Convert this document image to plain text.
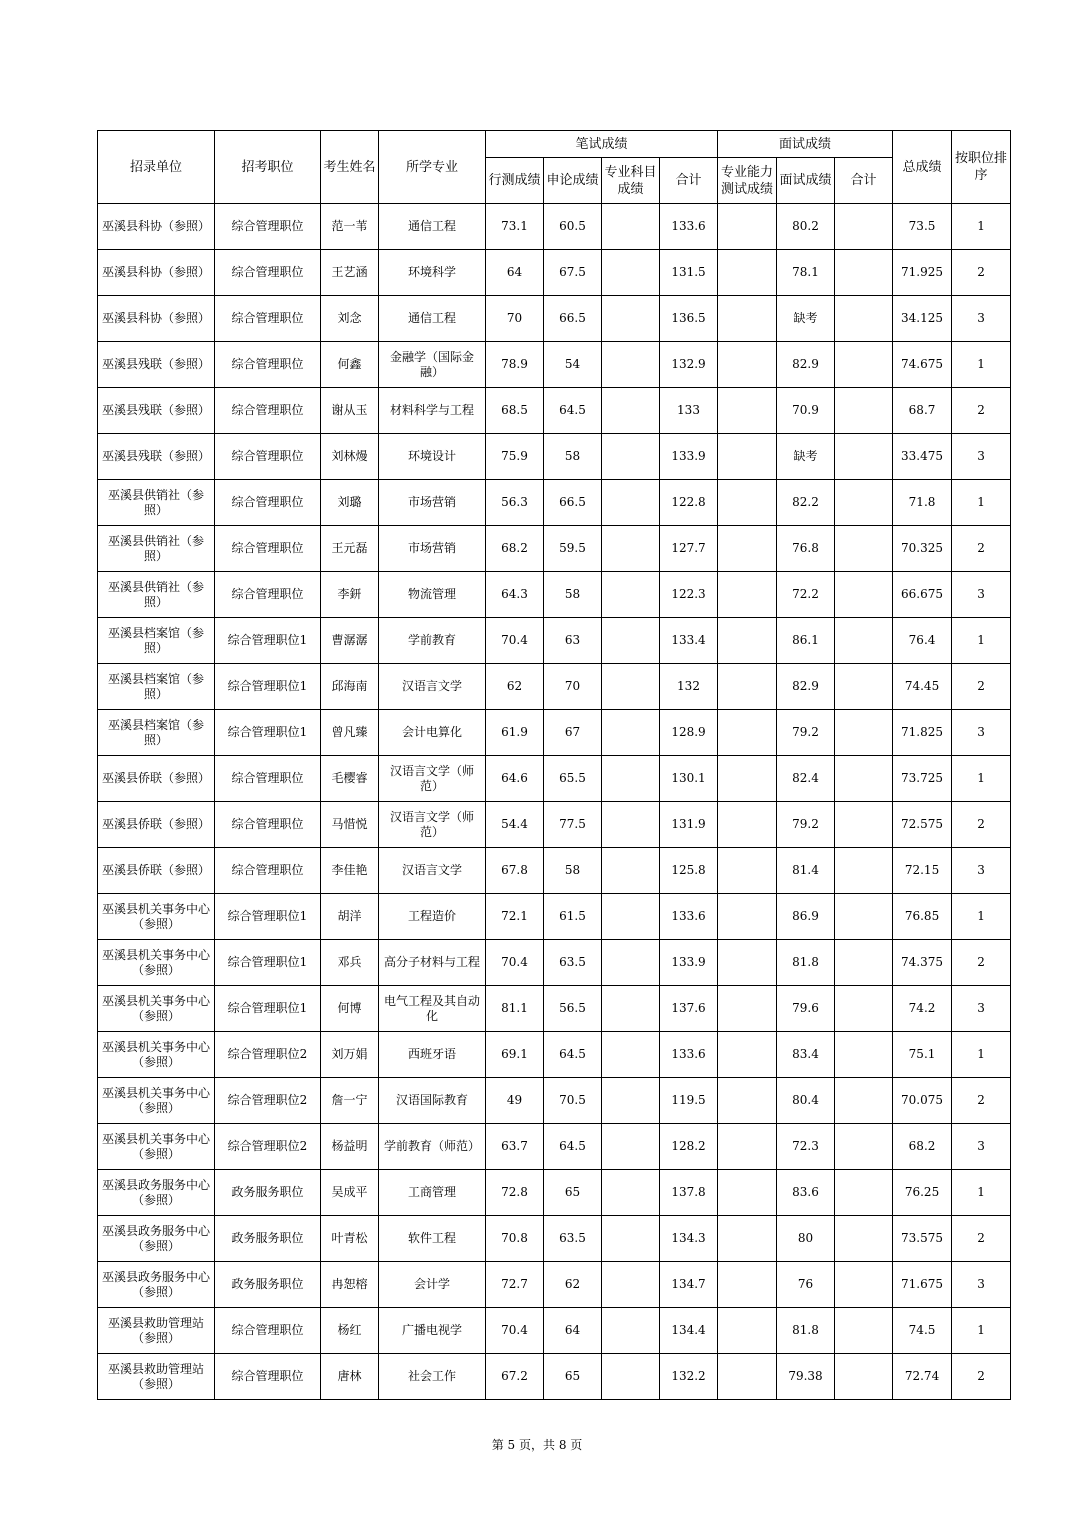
招录单位	招考职位	考生姓名	所学专业	笔试成绩				面试成绩			总成绩	按职位排序
				行测成绩	申论成绩	专业科目成绩	合计	专业能力测试成绩	面试成绩	合计		
巫溪县科协（参照）	综合管理职位	范一苇	通信工程	73.1	60.5		133.6		80.2		73.5	1
巫溪县科协（参照）	综合管理职位	王艺涵	环境科学	64	67.5		131.5		78.1		71.925	2
巫溪县科协（参照）	综合管理职位	刘念	通信工程	70	66.5		136.5		缺考		34.125	3
巫溪县残联（参照）	综合管理职位	何鑫	金融学（国际金融）	78.9	54		132.9		82.9		74.675	1
巫溪县残联（参照）	综合管理职位	谢从玉	材料科学与工程	68.5	64.5		133		70.9		68.7	2
巫溪县残联（参照）	综合管理职位	刘林熳	环境设计	75.9	58		133.9		缺考		33.475	3
巫溪县供销社（参照）	综合管理职位	刘璐	市场营销	56.3	66.5		122.8		82.2		71.8	1
巫溪县供销社（参照）	综合管理职位	王元磊	市场营销	68.2	59.5		127.7		76.8		70.325	2
巫溪县供销社（参照）	综合管理职位	李鈃	物流管理	64.3	58		122.3		72.2		66.675	3
巫溪县档案馆（参照）	综合管理职位1	曹潺潺	学前教育	70.4	63		133.4		86.1		76.4	1
巫溪县档案馆（参照）	综合管理职位1	邱海南	汉语言文学	62	70		132		82.9		74.45	2
巫溪县档案馆（参照）	综合管理职位1	曾凡臻	会计电算化	61.9	67		128.9		79.2		71.825	3
巫溪县侨联（参照）	综合管理职位	毛樱睿	汉语言文学（师范）	64.6	65.5		130.1		82.4		73.725	1
巫溪县侨联（参照）	综合管理职位	马惜悦	汉语言文学（师范）	54.4	77.5		131.9		79.2		72.575	2
巫溪县侨联（参照）	综合管理职位	李佳艳	汉语言文学	67.8	58		125.8		81.4		72.15	3
巫溪县机关事务中心（参照）	综合管理职位1	胡洋	工程造价	72.1	61.5		133.6		86.9		76.85	1
巫溪县机关事务中心（参照）	综合管理职位1	邓兵	高分子材料与工程	70.4	63.5		133.9		81.8		74.375	2
巫溪县机关事务中心（参照）	综合管理职位1	何博	电气工程及其自动化	81.1	56.5		137.6		79.6		74.2	3
巫溪县机关事务中心（参照）	综合管理职位2	刘万娟	西班牙语	69.1	64.5		133.6		83.4		75.1	1
巫溪县机关事务中心（参照）	综合管理职位2	詹一宁	汉语国际教育	49	70.5		119.5		80.4		70.075	2
巫溪县机关事务中心（参照）	综合管理职位2	杨益明	学前教育（师范）	63.7	64.5		128.2		72.3		68.2	3
巫溪县政务服务中心（参照）	政务服务职位	吴成平	工商管理	72.8	65		137.8		83.6		76.25	1
巫溪县政务服务中心（参照）	政务服务职位	叶青松	软件工程	70.8	63.5		134.3		80		73.575	2
巫溪县政务服务中心（参照）	政务服务职位	冉恕榕	会计学	72.7	62		134.7		76		71.675	3
巫溪县救助管理站（参照）	综合管理职位	杨红	广播电视学	70.4	64		134.4		81.8		74.5	1
巫溪县救助管理站（参照）	综合管理职位	唐林	社会工作	67.2	65		132.2		79.38		72.74	2
第 5 页，共 8 页
